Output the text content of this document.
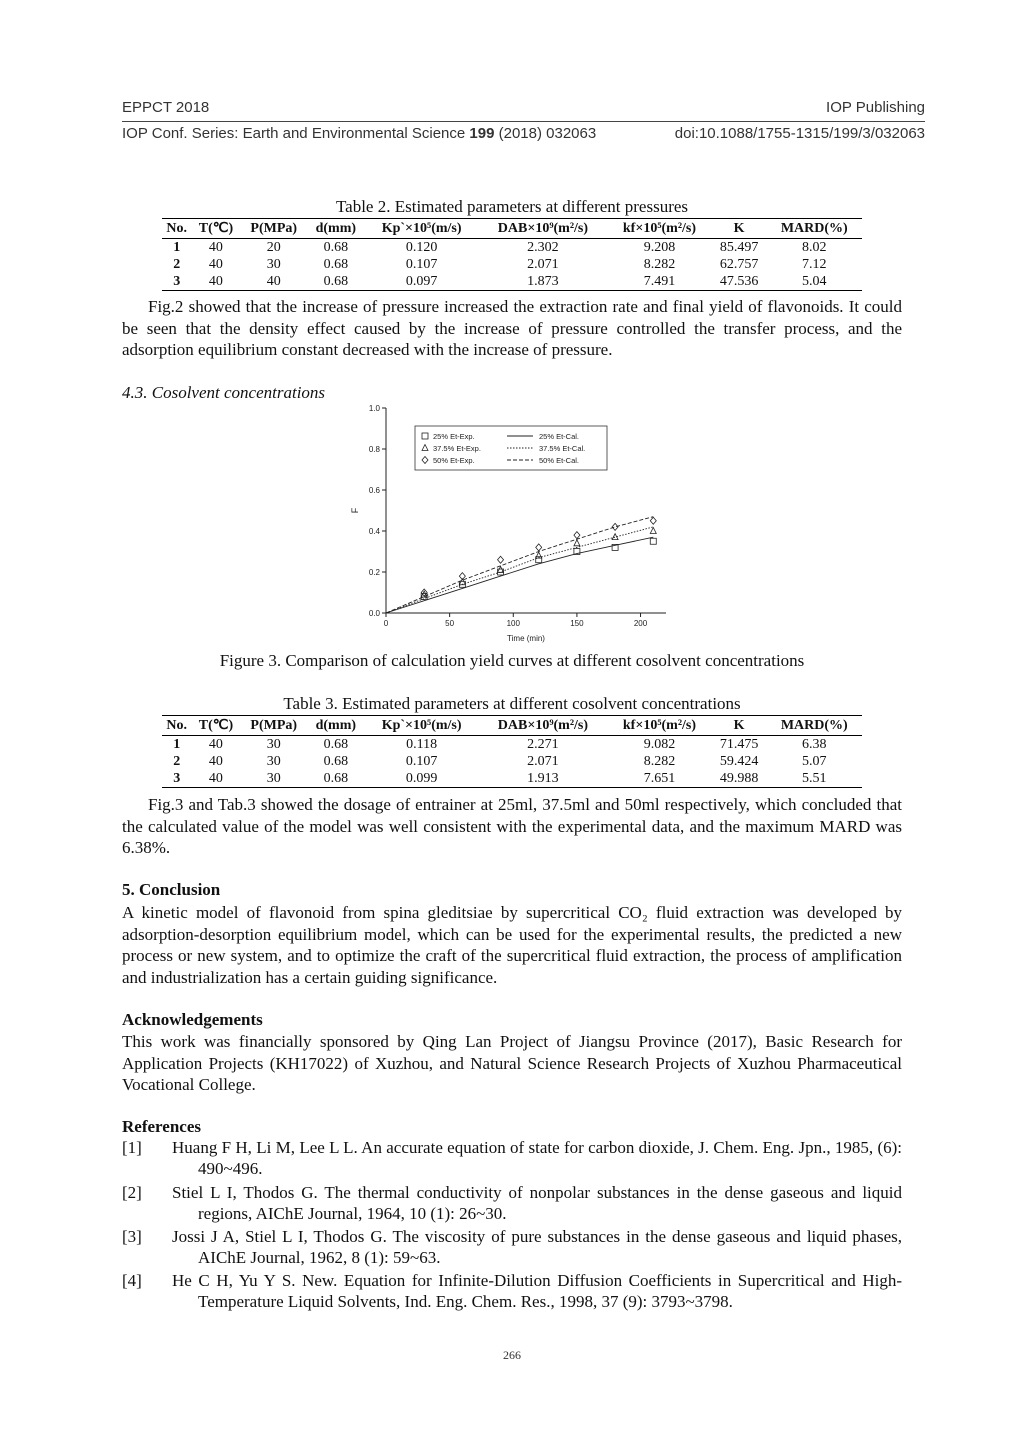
EPPCT 2018	IOP Publishing
IOP Conf. Series: Earth and Environmental Science 199 (2018) 032063	doi:10.1088/1755-1315/199/3/032063
Table 2. Estimated parameters at different pressures
No.	T(℃)	P(MPa)	d(mm)	Kp`×10⁵(m/s)	DAB×10⁹(m²/s)	kf×10⁵(m²/s)	K	MARD(%)
1	40	20	0.68	0.120	2.302	9.208	85.497	8.02
2	40	30	0.68	0.107	2.071	8.282	62.757	7.12
3	40	40	0.68	0.097	1.873	7.491	47.536	5.04

Fig.2 showed that the increase of pressure increased the extraction rate and final yield of flavonoids. It could be seen that the density effect caused by the increase of pressure controlled the transfer process, and the adsorption equilibrium constant decreased with the increase of pressure.

4.3. Cosolvent concentrations
0.0
0.2
0.4
0.6
0.8
1.0
0	50	100	150	200
Time (min)
F
25% Et-Exp.
37.5% Et-Exp.
50% Et-Exp.
25% Et-Cal.
37.5% Et-Cal.
50% Et-Cal.
Figure 3. Comparison of calculation yield curves at different cosolvent concentrations
Table 3. Estimated parameters at different cosolvent concentrations
No.	T(℃)	P(MPa)	d(mm)	Kp`×10⁵(m/s)	DAB×10⁹(m²/s)	kf×10⁵(m²/s)	K	MARD(%)
1	40	30	0.68	0.118	2.271	9.082	71.475	6.38
2	40	30	0.68	0.107	2.071	8.282	59.424	5.07
3	40	30	0.68	0.099	1.913	7.651	49.988	5.51

Fig.3 and Tab.3 showed the dosage of entrainer at 25ml, 37.5ml and 50ml respectively, which concluded that the calculated value of the model was well consistent with the experimental data, and the maximum MARD was 6.38%.

5. Conclusion

A kinetic model of flavonoid from spina gleditsiae by supercritical CO₂ fluid extraction was developed by adsorption-desorption equilibrium model, which can be used for the experimental results, the predicted a new process or new system, and to optimize the craft of the supercritical fluid extraction, the process of amplification and industrialization has a certain guiding significance.

Acknowledgements

This work was financially sponsored by Qing Lan Project of Jiangsu Province (2017), Basic Research for Application Projects (KH17022) of Xuzhou, and Natural Science Research Projects of Xuzhou Pharmaceutical Vocational College.

References
[1] Huang F H, Li M, Lee L L. An accurate equation of state for carbon dioxide, J. Chem. Eng. Jpn., 1985, (6): 490~496.
[2] Stiel L I, Thodos G. The thermal conductivity of nonpolar substances in the dense gaseous and liquid regions, AIChE Journal, 1964, 10 (1): 26~30.
[3] Jossi J A, Stiel L I, Thodos G. The viscosity of pure substances in the dense gaseous and liquid phases, AIChE Journal, 1962, 8 (1): 59~63.
[4] He C H, Yu Y S. New. Equation for Infinite-Dilution Diffusion Coefficients in Supercritical and High-Temperature Liquid Solvents, Ind. Eng. Chem. Res., 1998, 37 (9): 3793~3798.
266
